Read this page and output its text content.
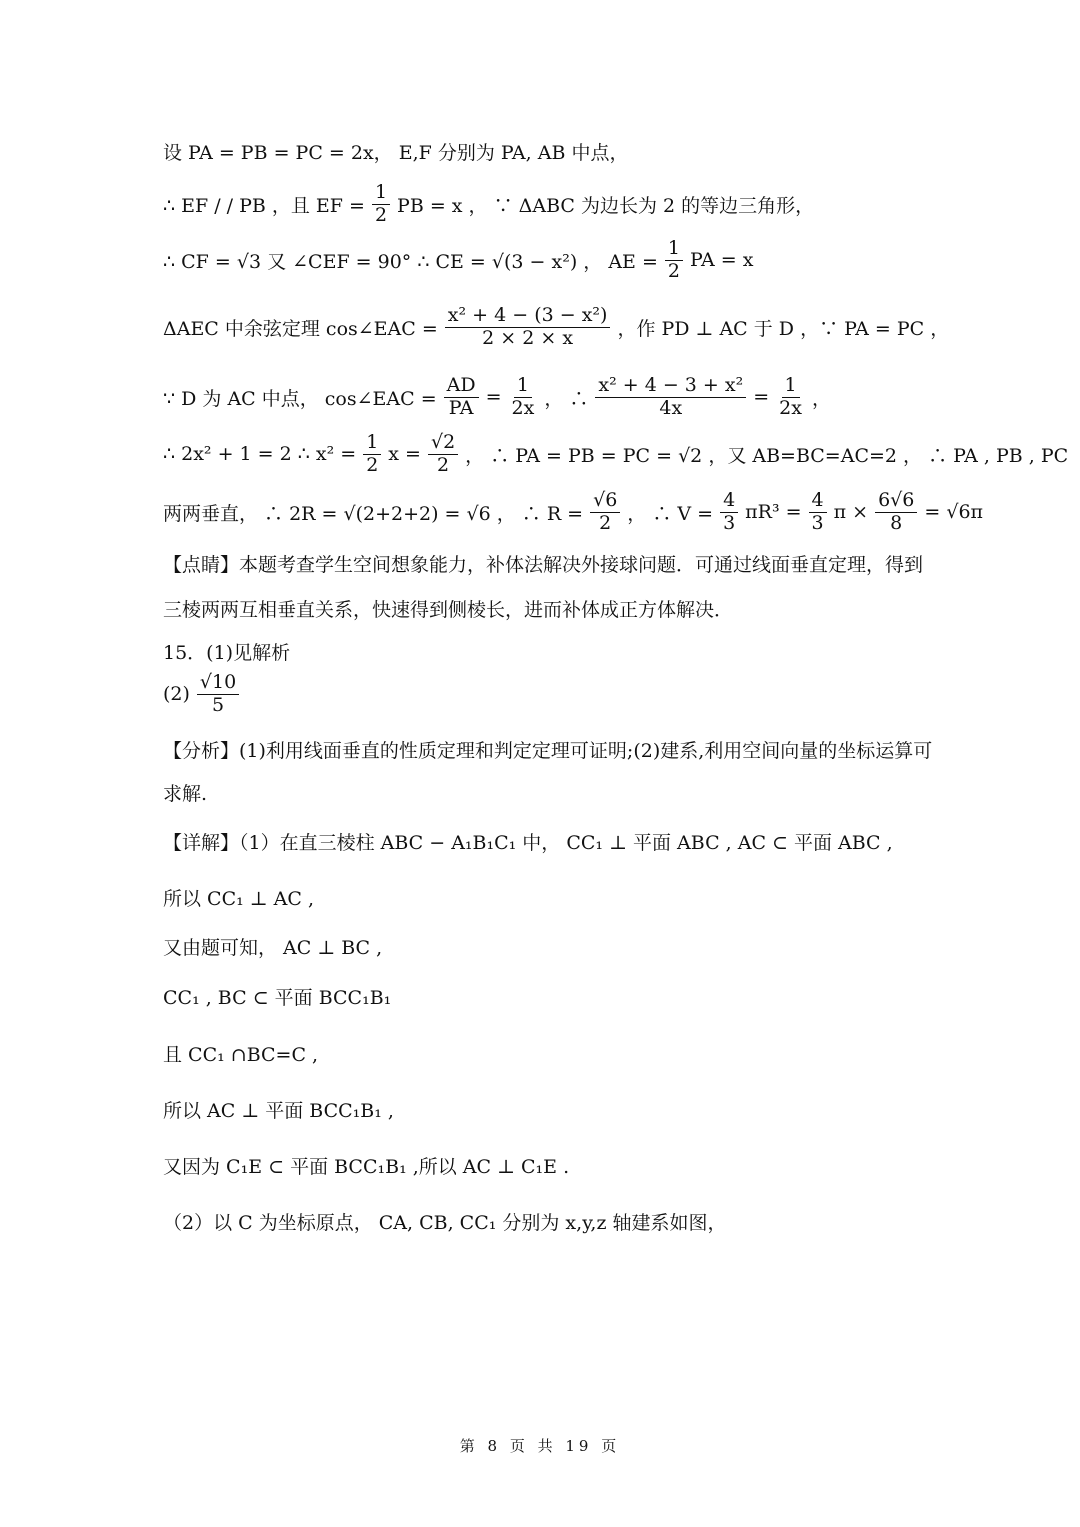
设 PA = PB = PC = 2x， E,F 分别为 PA, AB 中点，
∴ EF / / PB ，且 EF = $\frac{1}{2}$ PB = x ， ∵ ΔABC 为边长为 2 的等边三角形，
∴ CF = √3 又 ∠CEF = 90° ∴ CE = √(3 − x²) ， AE = $\frac{1}{2}$ PA = x
ΔAEC 中余弦定理 cos∠EAC = $\frac{\text{x² + 4 − (3 − x²)}}{2 \times 2 \times x}$ ，作 PD ⊥ AC 于 D ，∵ PA = PC ，
∵ D 为 AC 中点， cos∠EAC = $\frac{AD}{PA} = \frac{1}{2x}$ ， ∴ $\frac{\text{x² + 4 − 3 + x²}}{4x} = \frac{1}{2x}$ ，
∴ 2x² + 1 = 2 ∴ $x^2 = \frac{1}{2}$ $x = \frac{√2}{2}$ ， ∴ PA = PB = PC = √2 ，又 AB=BC=AC=2 ， ∴ PA , PB , PC
两两垂直， ∴ 2R = √(2+2+2) = √6 ， ∴ $R = \frac{√6}{2}$ ， ∴ $V = \frac{4}{3} \pi R^3 = \frac{4}{3}$ $\pi \times \frac{6√6}{8} = √6\pi$
【点睛】本题考查学生空间想象能力，补体法解决外接球问题．可通过线面垂直定理，得到
三棱两两互相垂直关系，快速得到侧棱长，进而补体成正方体解决．
15．(1)见解析
$(2) \frac{√10}{5}$
【分析】(1)利用线面垂直的性质定理和判定定理可证明;(2)建系,利用空间向量的坐标运算可
求解.
【详解】（1）在直三棱柱 ABC − A₁B₁C₁ 中， CC₁ ⊥ 平面 ABC , AC ⊂ 平面 ABC ,
所以 CC₁ ⊥ AC ,
又由题可知， AC ⊥ BC ,
CC₁ , BC ⊂ 平面 BCC₁B₁
且 CC₁ ∩BC=C ,
所以 AC ⊥ 平面 BCC₁B₁ ,
又因为 C₁E ⊂ 平面 BCC₁B₁ ,所以 AC ⊥ C₁E .
（2）以 C 为坐标原点， CA, CB, CC₁ 分别为 x,y,z 轴建系如图，
第 8 页 共 19 页
